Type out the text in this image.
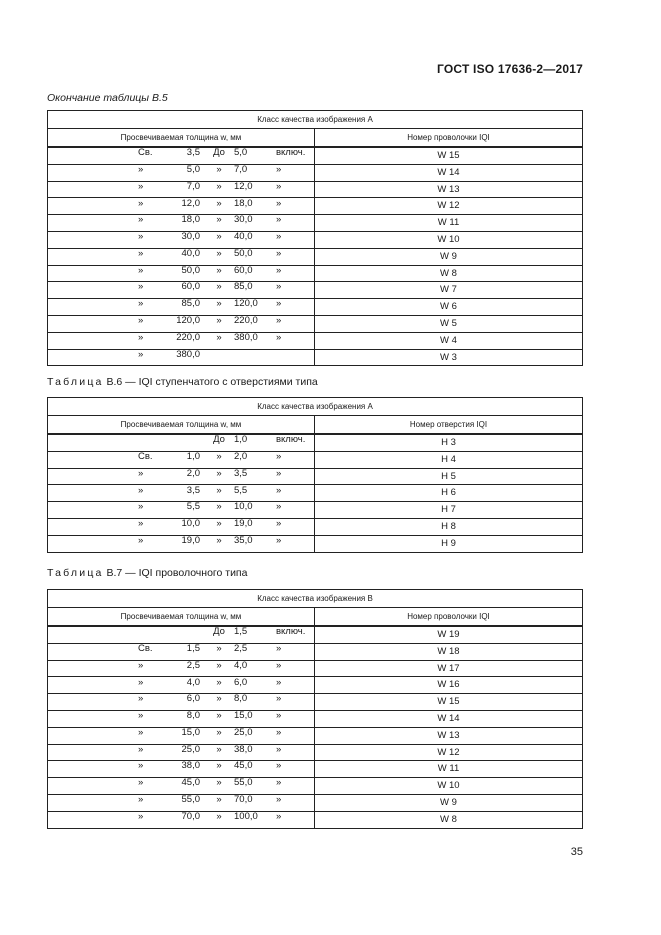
ГОСТ ISO 17636-2—2017
Окончание таблицы В.5
Класс качества изображения А	
Просвечиваемая толщина w, мм	Номер проволочки IQI

Св. 3,5 До 5,0 включ.	W 15

» 5,0 » 7,0 »	W 14

» 7,0 » 12,0 »	W 13

» 12,0 » 18,0 »	W 12

» 18,0 » 30,0 »	W 11

» 30,0 » 40,0 »	W 10

» 40,0 » 50,0 »	W 9

» 50,0 » 60,0 »	W 8

» 60,0 » 85,0 »	W 7

» 85,0 » 120,0 »	W 6

» 120,0 » 220,0 »	W 5

» 220,0 » 380,0 »	W 4

» 380,0	W 3
Таблица В.6 — IQI ступенчатого с отверстиями типа
Класс качества изображения А	
Просвечиваемая толщина w, мм	Номер отверстия IQI

До 1,0 включ.	Н 3

Св. 1,0 » 2,0 »	Н 4

» 2,0 » 3,5 »	Н 5

» 3,5 » 5,5 »	Н 6

» 5,5 » 10,0 »	Н 7

» 10,0 » 19,0 »	Н 8

» 19,0 » 35,0 »	Н 9
Таблица В.7 — IQI проволочного типа
Класс качества изображения В	
Просвечиваемая толщина w, мм	Номер проволочки IQI

До 1,5 включ.	W 19

Св. 1,5 » 2,5 »	W 18

» 2,5 » 4,0 »	W 17

» 4,0 » 6,0 »	W 16

» 6,0 » 8,0 »	W 15

» 8,0 » 15,0 »	W 14

» 15,0 » 25,0 »	W 13

» 25,0 » 38,0 »	W 12

» 38,0 » 45,0 »	W 11

» 45,0 » 55,0 »	W 10

» 55,0 » 70,0 »	W 9

» 70,0 » 100,0 »	W 8
35
